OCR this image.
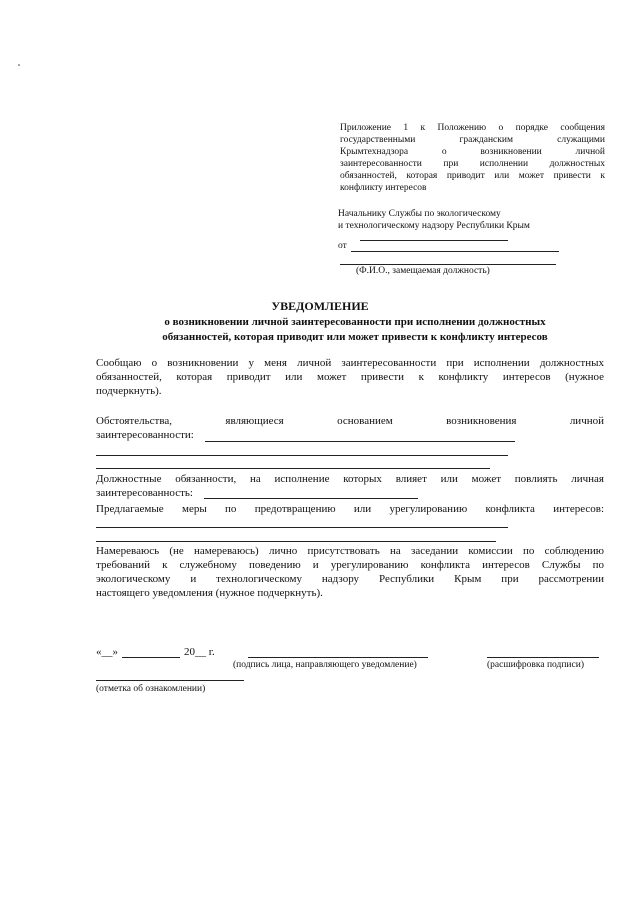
Приложение 1 к Положению о порядке сообщения
государственными гражданским служащими
Крымтехнадзора о возникновении личной
заинтересованности при исполнении должностных
обязанностей, которая приводит или может привести к
конфликту интересов
Начальнику Службы по экологическому
и технологическому надзору Республики Крым
от
(Ф.И.О., замещаемая должность)
УВЕДОМЛЕНИЕ
о возникновении личной заинтересованности при исполнении должностных
обязанностей, которая приводит или может привести к конфликту интересов
Сообщаю о возникновении у меня личной заинтересованности при исполнении должностных
обязанностей, которая приводит или может привести к конфликту интересов (нужное
подчеркнуть).
Обстоятельства, являющиеся основанием возникновения личной
заинтересованности:
Должностные обязанности, на исполнение которых влияет или может повлиять личная
заинтересованность:
Предлагаемые меры по предотвращению или урегулированию конфликта интересов:
Намереваюсь (не намереваюсь) лично присутствовать на заседании комиссии по соблюдению
требований к служебному поведению и урегулированию конфликта интересов Службы по
экологическому и технологическому надзору Республики Крым при рассмотрении
настоящего уведомления (нужное подчеркнуть).
«__»	20__ г.
(подпись лица, направляющего уведомление)	(расшифровка подписи)
(отметка об ознакомлении)
